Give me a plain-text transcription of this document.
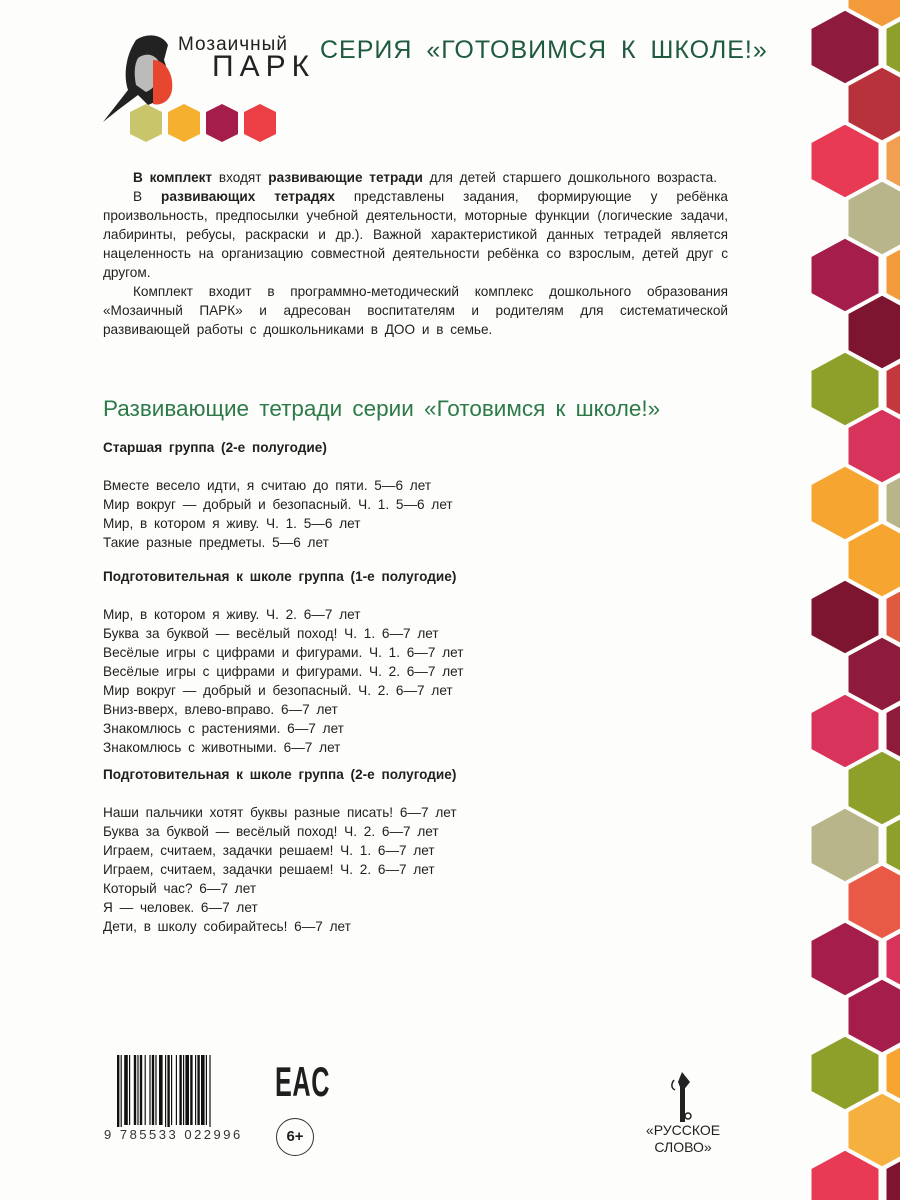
Мозаичный
ПАРК СЕРИЯ «ГОТОВИМСЯ К ШКОЛЕ!»

В комплект входят развивающие тетради для детей старшего дошкольного возраста.

В развивающих тетрадях представлены задания, формирующие у ребёнка произвольность, предпосылки учебной деятельности, моторные функции (логические задачи, лабиринты, ребусы, раскраски и др.). Важной характеристикой данных тетрадей является нацеленность на организацию совместной деятельности ребёнка со взрослым, детей друг с другом.

Комплект входит в программно-методический комплекс дошкольного образования «Мозаичный ПАРК» и адресован воспитателям и родителям для систематической развивающей работы с дошкольниками в ДОО и в семье.

Развивающие тетради серии «Готовимся к школе!»
Старшая группа (2-е полугодие)
Вместе весело идти, я считаю до пяти. 5—6 лет
Мир вокруг — добрый и безопасный. Ч. 1. 5—6 лет
Мир, в котором я живу. Ч. 1. 5—6 лет
Такие разные предметы. 5—6 лет
Подготовительная к школе группа (1-е полугодие)
Мир, в котором я живу. Ч. 2. 6—7 лет
Буква за буквой — весёлый поход! Ч. 1. 6—7 лет
Весёлые игры с цифрами и фигурами. Ч. 1. 6—7 лет
Весёлые игры с цифрами и фигурами. Ч. 2. 6—7 лет
Мир вокруг — добрый и безопасный. Ч. 2. 6—7 лет
Вниз-вверх, влево-вправо. 6—7 лет
Знакомлюсь с растениями. 6—7 лет
Знакомлюсь с животными. 6—7 лет
Подготовительная к школе группа (2-е полугодие)
Наши пальчики хотят буквы разные писать! 6—7 лет
Буква за буквой — весёлый поход! Ч. 2. 6—7 лет
Играем, считаем, задачки решаем! Ч. 1. 6—7 лет
Играем, считаем, задачки решаем! Ч. 2. 6—7 лет
Который час? 6—7 лет
Я — человек. 6—7 лет
Дети, в школу собирайтесь! 6—7 лет
9 785533 022996
EAC
6+	«РУССКОЕ
СЛОВО»
